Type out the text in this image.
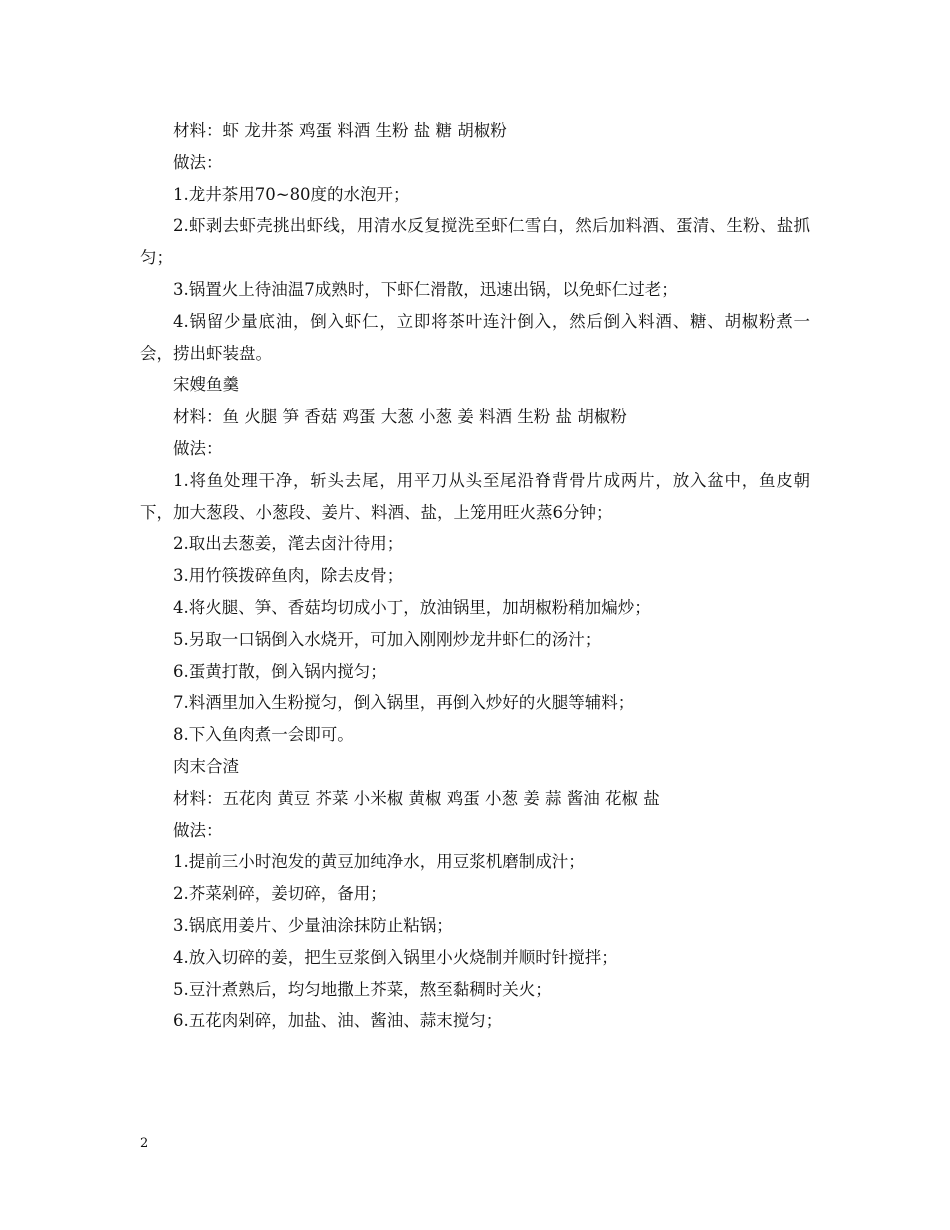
材料：虾 龙井茶 鸡蛋 料酒 生粉 盐 糖 胡椒粉

做法：

1.龙井茶用70~80度的水泡开；

2.虾剥去虾壳挑出虾线，用清水反复搅洗至虾仁雪白，然后加料酒、蛋清、生粉、盐抓匀；

3.锅置火上待油温7成熟时，下虾仁滑散，迅速出锅，以免虾仁过老；

4.锅留少量底油，倒入虾仁，立即将茶叶连汁倒入，然后倒入料酒、糖、胡椒粉煮一会，捞出虾装盘。

宋嫂鱼羹

材料：鱼 火腿 笋 香菇 鸡蛋 大葱 小葱 姜 料酒 生粉 盐 胡椒粉

做法：

1.将鱼处理干净，斩头去尾，用平刀从头至尾沿脊背骨片成两片，放入盆中，鱼皮朝下，加大葱段、小葱段、姜片、料酒、盐，上笼用旺火蒸6分钟；

2.取出去葱姜，滗去卤汁待用；

3.用竹筷拨碎鱼肉，除去皮骨；

4.将火腿、笋、香菇均切成小丁，放油锅里，加胡椒粉稍加煸炒；

5.另取一口锅倒入水烧开，可加入刚刚炒龙井虾仁的汤汁；

6.蛋黄打散，倒入锅内搅匀；

7.料酒里加入生粉搅匀，倒入锅里，再倒入炒好的火腿等辅料；

8.下入鱼肉煮一会即可。

肉末合渣

材料：五花肉 黄豆 芥菜 小米椒 黄椒 鸡蛋 小葱 姜 蒜 酱油 花椒 盐

做法：

1.提前三小时泡发的黄豆加纯净水，用豆浆机磨制成汁；

2.芥菜剁碎，姜切碎，备用；

3.锅底用姜片、少量油涂抹防止粘锅；

4.放入切碎的姜，把生豆浆倒入锅里小火烧制并顺时针搅拌；

5.豆汁煮熟后，均匀地撒上芥菜，熬至黏稠时关火；

6.五花肉剁碎，加盐、油、酱油、蒜末搅匀；

2
